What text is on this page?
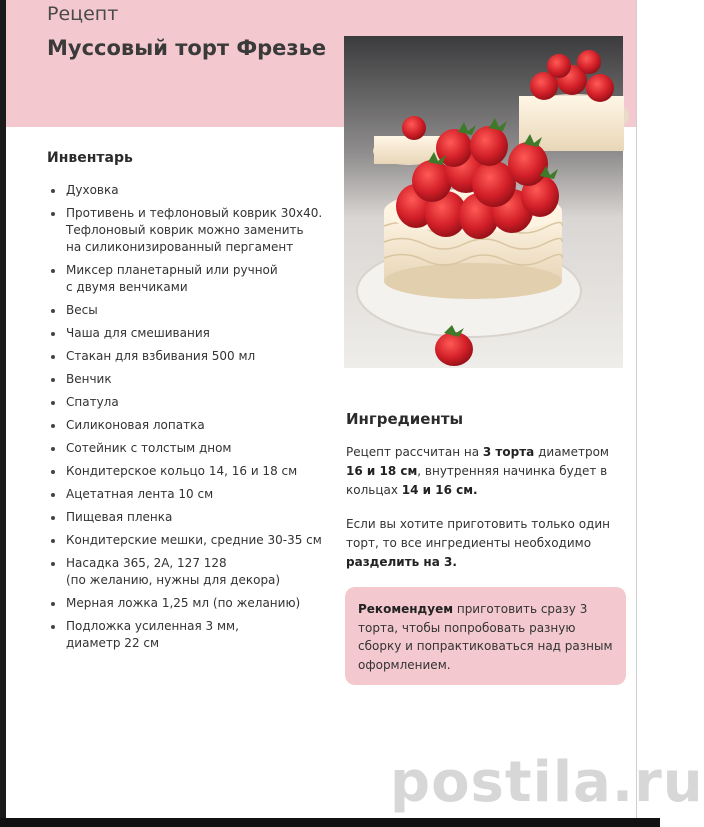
Рецепт
Муссовый торт Фрезье
Инвентарь
Духовка
Противень и тефлоновый коврик 30х40.
Тефлоновый коврик можно заменить
на силиконизированный пергамент
Миксер планетарный или ручной
с двумя венчиками
Весы
Чаша для смешивания
Стакан для взбивания 500 мл
Венчик
Спатула
Силиконовая лопатка
Сотейник с толстым дном
Кондитерское кольцо 14, 16 и 18 см
Ацетатная лента 10 см
Пищевая пленка
Кондитерские мешки, средние 30-35 см
Насадка 365, 2А, 127 128
(по желанию, нужны для декора)
Мерная ложка 1,25 мл (по желанию)
Подложка усиленная 3 мм,
диаметр 22 см
Ингредиенты
Рецепт рассчитан на 3 торта диаметром 16 и 18 см, внутренняя начинка будет в кольцах 14 и 16 см.
Если вы хотите приготовить только один торт, то все ингредиенты необходимо разделить на 3.
Рекомендуем приготовить сразу 3 торта, чтобы попробовать разную сборку и попрактиковаться над разным оформлением.
postila.ru
